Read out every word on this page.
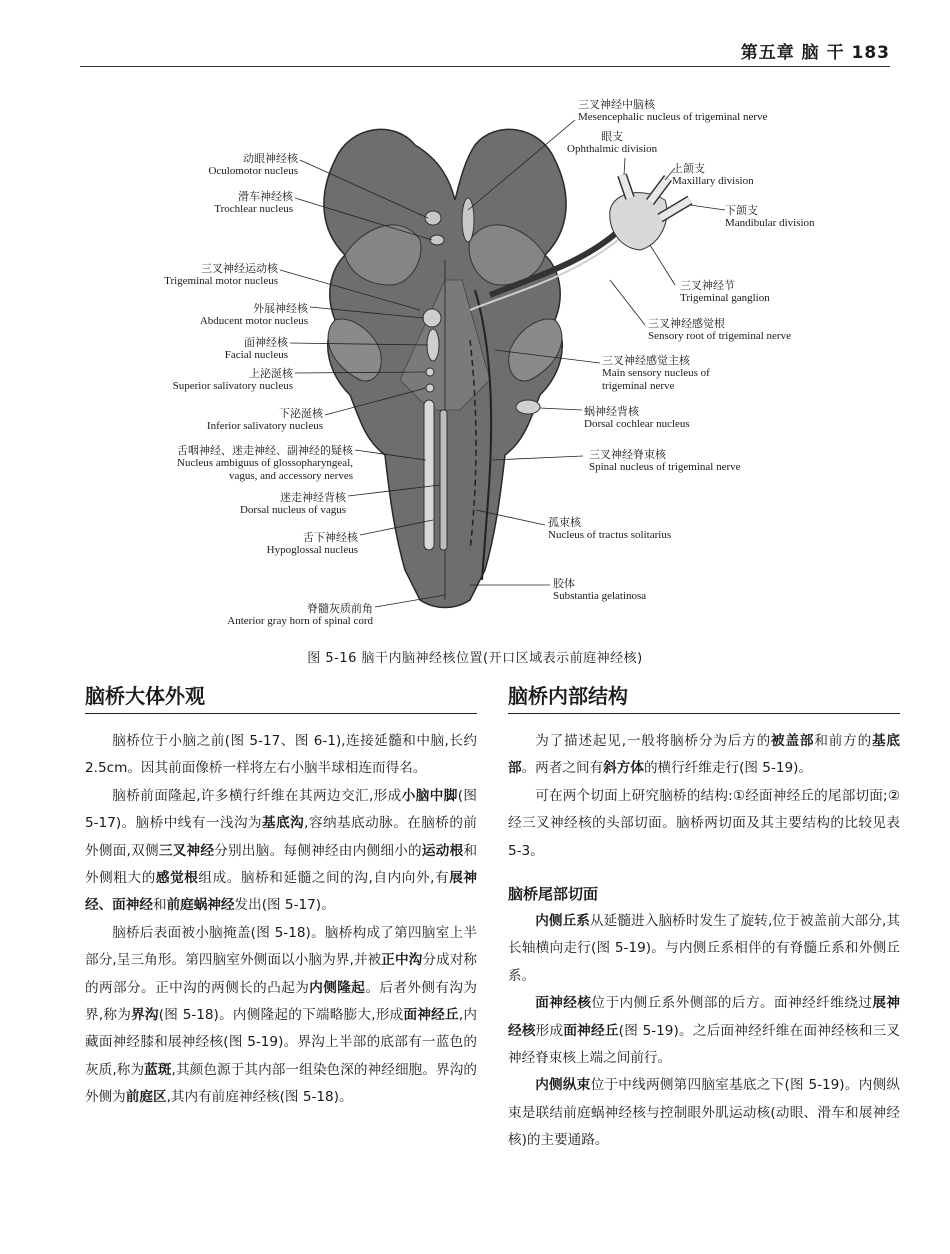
第五章 脑 干 183
动眼神经核
Oculomotor nucleus
滑车神经核
Trochlear nucleus
三叉神经运动核
Trigeminal motor nucleus
外展神经核
Abducent motor nucleus
面神经核
Facial nucleus
上泌涎核
Superior salivatory nucleus
下泌涎核
Inferior salivatory nucleus
舌咽神经、迷走神经、副神经的疑核
Nucleus ambiguus of glossopharyngeal,
vagus, and accessory nerves
迷走神经背核
Dorsal nucleus of vagus
舌下神经核
Hypoglossal nucleus
脊髓灰质前角
Anterior gray horn of spinal cord
三叉神经中脑核
Mesencephalic nucleus of trigeminal nerve
眼支
Ophthalmic division
上颌支
Maxillary division
下颌支
Mandibular division
三叉神经节
Trigeminal ganglion
三叉神经感觉根
Sensory root of trigeminal nerve
三叉神经感觉主核
Main sensory nucleus of
trigeminal nerve
蜗神经背核
Dorsal cochlear nucleus
三叉神经脊束核
Spinal nucleus of trigeminal nerve
孤束核
Nucleus of tractus solitarius
胶体
Substantia gelatinosa
图 5-16 脑干内脑神经核位置(开口区域表示前庭神经核)
脑桥大体外观

脑桥位于小脑之前(图 5-17、图 6-1),连接延髓和中脑,长约 2.5cm。因其前面像桥一样将左右小脑半球相连而得名。

脑桥前面隆起,许多横行纤维在其两边交汇,形成小脑中脚(图 5-17)。脑桥中线有一浅沟为基底沟,容纳基底动脉。在脑桥的前外侧面,双侧三叉神经分别出脑。每侧神经由内侧细小的运动根和外侧粗大的感觉根组成。脑桥和延髓之间的沟,自内向外,有展神经、面神经和前庭蜗神经发出(图 5-17)。

脑桥后表面被小脑掩盖(图 5-18)。脑桥构成了第四脑室上半部分,呈三角形。第四脑室外侧面以小脑为界,并被正中沟分成对称的两部分。正中沟的两侧长的凸起为内侧隆起。后者外侧有沟为界,称为界沟(图 5-18)。内侧隆起的下端略膨大,形成面神经丘,内藏面神经膝和展神经核(图 5-19)。界沟上半部的底部有一蓝色的灰质,称为蓝斑,其颜色源于其内部一组染色深的神经细胞。界沟的外侧为前庭区,其内有前庭神经核(图 5-18)。

脑桥内部结构

为了描述起见,一般将脑桥分为后方的被盖部和前方的基底部。两者之间有斜方体的横行纤维走行(图 5-19)。

可在两个切面上研究脑桥的结构:①经面神经丘的尾部切面;②经三叉神经核的头部切面。脑桥两切面及其主要结构的比较见表 5-3。

脑桥尾部切面

内侧丘系从延髓进入脑桥时发生了旋转,位于被盖前大部分,其长轴横向走行(图 5-19)。与内侧丘系相伴的有脊髓丘系和外侧丘系。

面神经核位于内侧丘系外侧部的后方。面神经纤维绕过展神经核形成面神经丘(图 5-19)。之后面神经纤维在面神经核和三叉神经脊束核上端之间前行。

内侧纵束位于中线两侧第四脑室基底之下(图 5-19)。内侧纵束是联结前庭蜗神经核与控制眼外肌运动核(动眼、滑车和展神经核)的主要通路。
